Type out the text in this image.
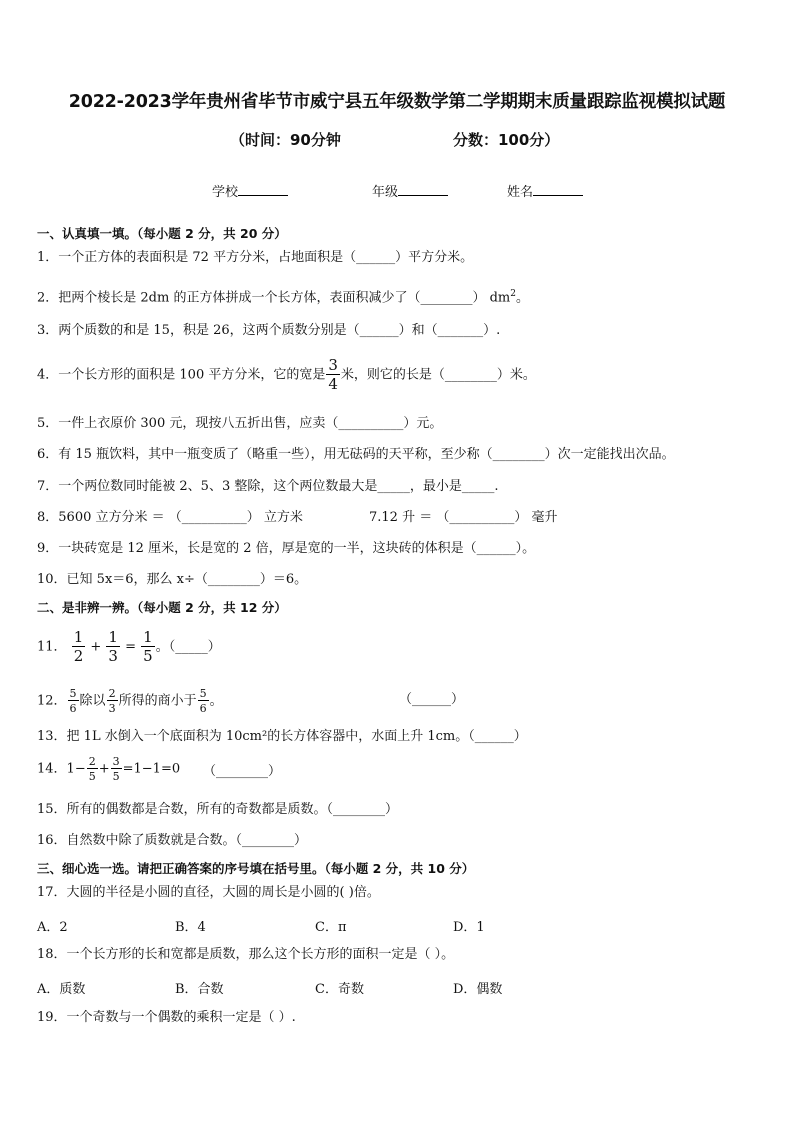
2022-2023学年贵州省毕节市威宁县五年级数学第二学期期末质量跟踪监视模拟试题
（时间：90分钟	分数：100分）
学校	年级	姓名
一、认真填一填。（每小题 2 分，共 20 分）
1．一个正方体的表面积是 72 平方分米，占地面积是（______）平方分米。
2．把两个棱长是 2dm 的正方体拼成一个长方体，表面积减少了（________） $dm^2$。
3．两个质数的和是 15，积是 26，这两个质数分别是（______）和（_______）.
4．一个长方形的面积是 100 平方分米，它的宽是 $\frac{3}{4}$ 米，则它的长是（________）米。
5．一件上衣原价 300 元，现按八五折出售，应卖（__________）元。
6．有 15 瓶饮料，其中一瓶变质了（略重一些），用无砝码的天平称，至少称（________）次一定能找出次品。
7．一个两位数同时能被 2、5、3 整除，这个两位数最大是_____，最小是_____.
8．5600 立方分米 ＝ （__________） 立方米	7.12 升 ＝ （__________） 毫升
9．一块砖宽是 12 厘米，长是宽的 2 倍，厚是宽的一半，这块砖的体积是（______）。
10．已知 5x＝6，那么 x÷（________）＝6。
二、是非辨一辨。（每小题 2 分，共 12 分）
11． $\frac{1}{2} + \frac{1}{3} = \frac{1}{5}$ 。（_____）
12． $\frac{5}{6}$ 除以 $\frac{2}{3}$ 所得的商小于 $\frac{5}{6}$ 。	（______）
13．把 1L 水倒入一个底面积为 10cm²的长方体容器中，水面上升 1cm。（______）
14．$1- \frac{2}{5} + \frac{3}{5} =1-1=0$ （________）
15．所有的偶数都是合数，所有的奇数都是质数。（________）
16．自然数中除了质数就是合数。（________）
三、细心选一选。请把正确答案的序号填在括号里。（每小题 2 分，共 10 分）
17．大圆的半径是小圆的直径，大圆的周长是小圆的( )倍。
A．2	B．4	C．π	D．1
18．一个长方形的长和宽都是质数，那么这个长方形的面积一定是（ ）。
A．质数	B．合数	C．奇数	D．偶数
19．一个奇数与一个偶数的乘积一定是（ ）.
